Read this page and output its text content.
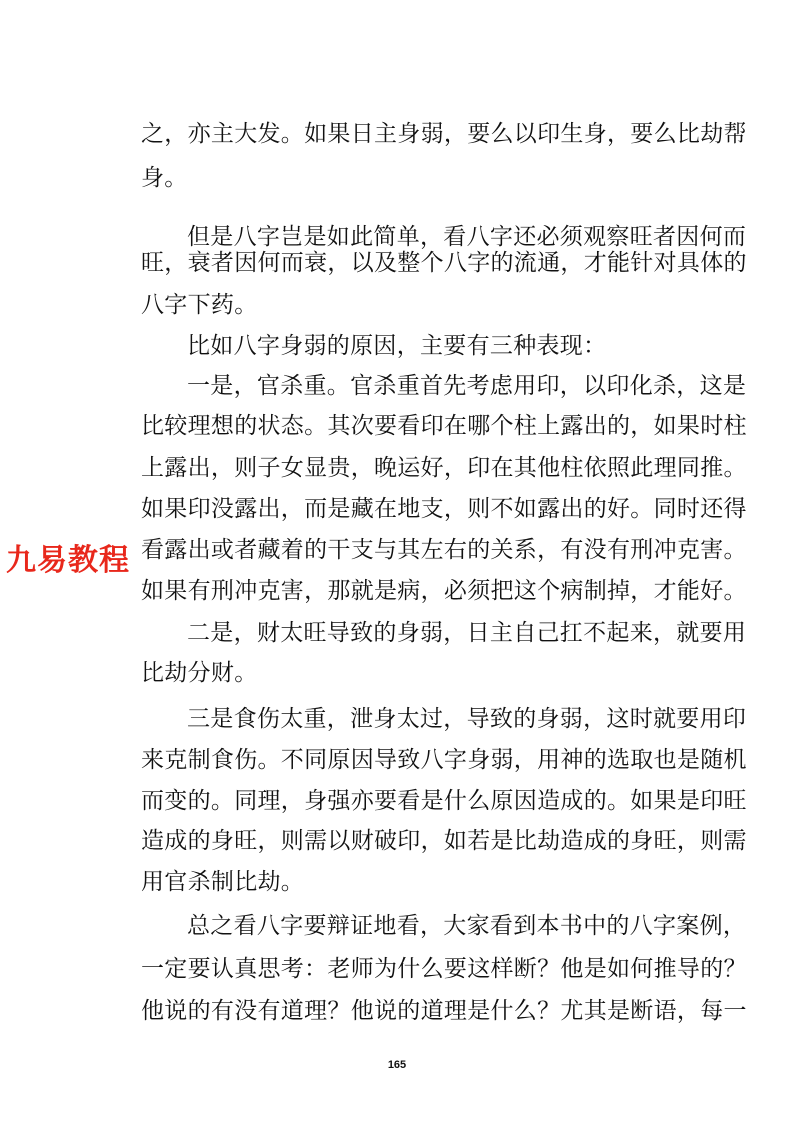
之，亦主大发。如果日主身弱，要么以印生身，要么比劫帮
身。
但是八字岂是如此简单，看八字还必须观察旺者因何而
旺，衰者因何而衰，以及整个八字的流通，才能针对具体的
八字下药。
比如八字身弱的原因，主要有三种表现：
一是，官杀重。官杀重首先考虑用印，以印化杀，这是
比较理想的状态。其次要看印在哪个柱上露出的，如果时柱
上露出，则子女显贵，晚运好，印在其他柱依照此理同推。
如果印没露出，而是藏在地支，则不如露出的好。同时还得
看露出或者藏着的干支与其左右的关系，有没有刑冲克害。
如果有刑冲克害，那就是病，必须把这个病制掉，才能好。
二是，财太旺导致的身弱，日主自己扛不起来，就要用
比劫分财。
三是食伤太重，泄身太过，导致的身弱，这时就要用印
来克制食伤。不同原因导致八字身弱，用神的选取也是随机
而变的。同理，身强亦要看是什么原因造成的。如果是印旺
造成的身旺，则需以财破印，如若是比劫造成的身旺，则需
用官杀制比劫。
总之看八字要辩证地看，大家看到本书中的八字案例，
一定要认真思考：老师为什么要这样断？他是如何推导的？
他说的有没有道理？他说的道理是什么？尤其是断语，每一
九易教程
165
